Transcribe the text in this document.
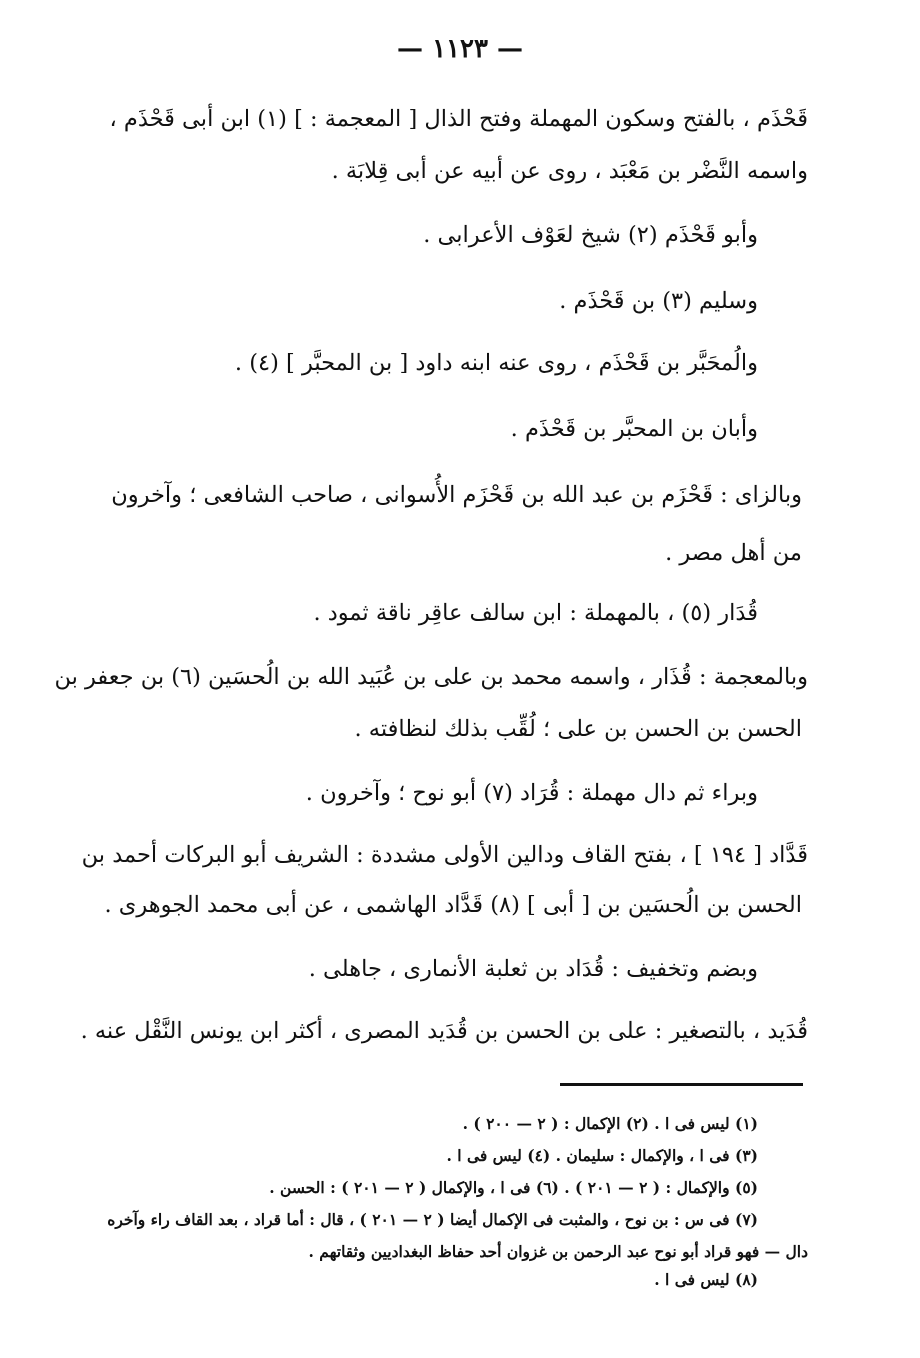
— ١١٢٣ —
قَحْذَم ، بالفتح وسكون المهملة وفتح الذال [ المعجمة : ] (١) ابن أبى قَحْذَم ،
واسمه النَّضْر بن مَعْبَد ، روى عن أبيه عن أبى قِلابَة .
وأبو قَحْذَم (٢) شيخ لعَوْف الأعرابى .
وسليم (٣) بن قَحْذَم .
والُمحَبَّر بن قَحْذَم ، روى عنه ابنه داود [ بن المحبَّر ] (٤) .
وأبان بن المحبَّر بن قَحْذَم .
وبالزاى : قَحْزَم بن عبد الله بن قَحْزَم الأُسوانى ، صاحب الشافعى ؛ وآخرون
من أهل مصر .
قُدَار (٥) ، بالمهملة : ابن سالف عاقِر ناقة ثمود .
وبالمعجمة : قُذَار ، واسمه محمد بن على بن عُبَيد الله بن الُحسَين (٦) بن جعفر بن
الحسن بن الحسن بن على ؛ لُقِّب بذلك لنظافته .
وبراء ثم دال مهملة : قُرَاد (٧) أبو نوح ؛ وآخرون .
قَدَّاد [ ١٩٤ ] ، بفتح القاف ودالين الأولى مشددة : الشريف أبو البركات أحمد بن
الحسن بن الُحسَين بن [ أبى ] (٨) قَدَّاد الهاشمى ، عن أبى محمد الجوهرى .
وبضم وتخفيف : قُدَاد بن ثعلبة الأنمارى ، جاهلى .
قُدَيد ، بالتصغير : على بن الحسن بن قُدَيد المصرى ، أكثر ابن يونس النَّقْل عنه .
(١) ليس فى ا . (٢) الإكمال : ( ٢ — ٢٠٠ ) .
(٣) فى ا ، والإكمال : سليمان . (٤) ليس فى ا .
(٥) والإكمال : ( ٢ — ٢٠١ ) . (٦) فى ا ، والإكمال ( ٢ — ٢٠١ ) : الحسن .
(٧) فى س : بن نوح ، والمثبت فى الإكمال أيضا ( ٢ — ٢٠١ ) ، قال : أما قراد ، بعد القاف راء وآخره
دال — فهو قراد أبو نوح عبد الرحمن بن غزوان أحد حفاظ البغداديين وثقاتهم .
(٨) ليس فى ا .
